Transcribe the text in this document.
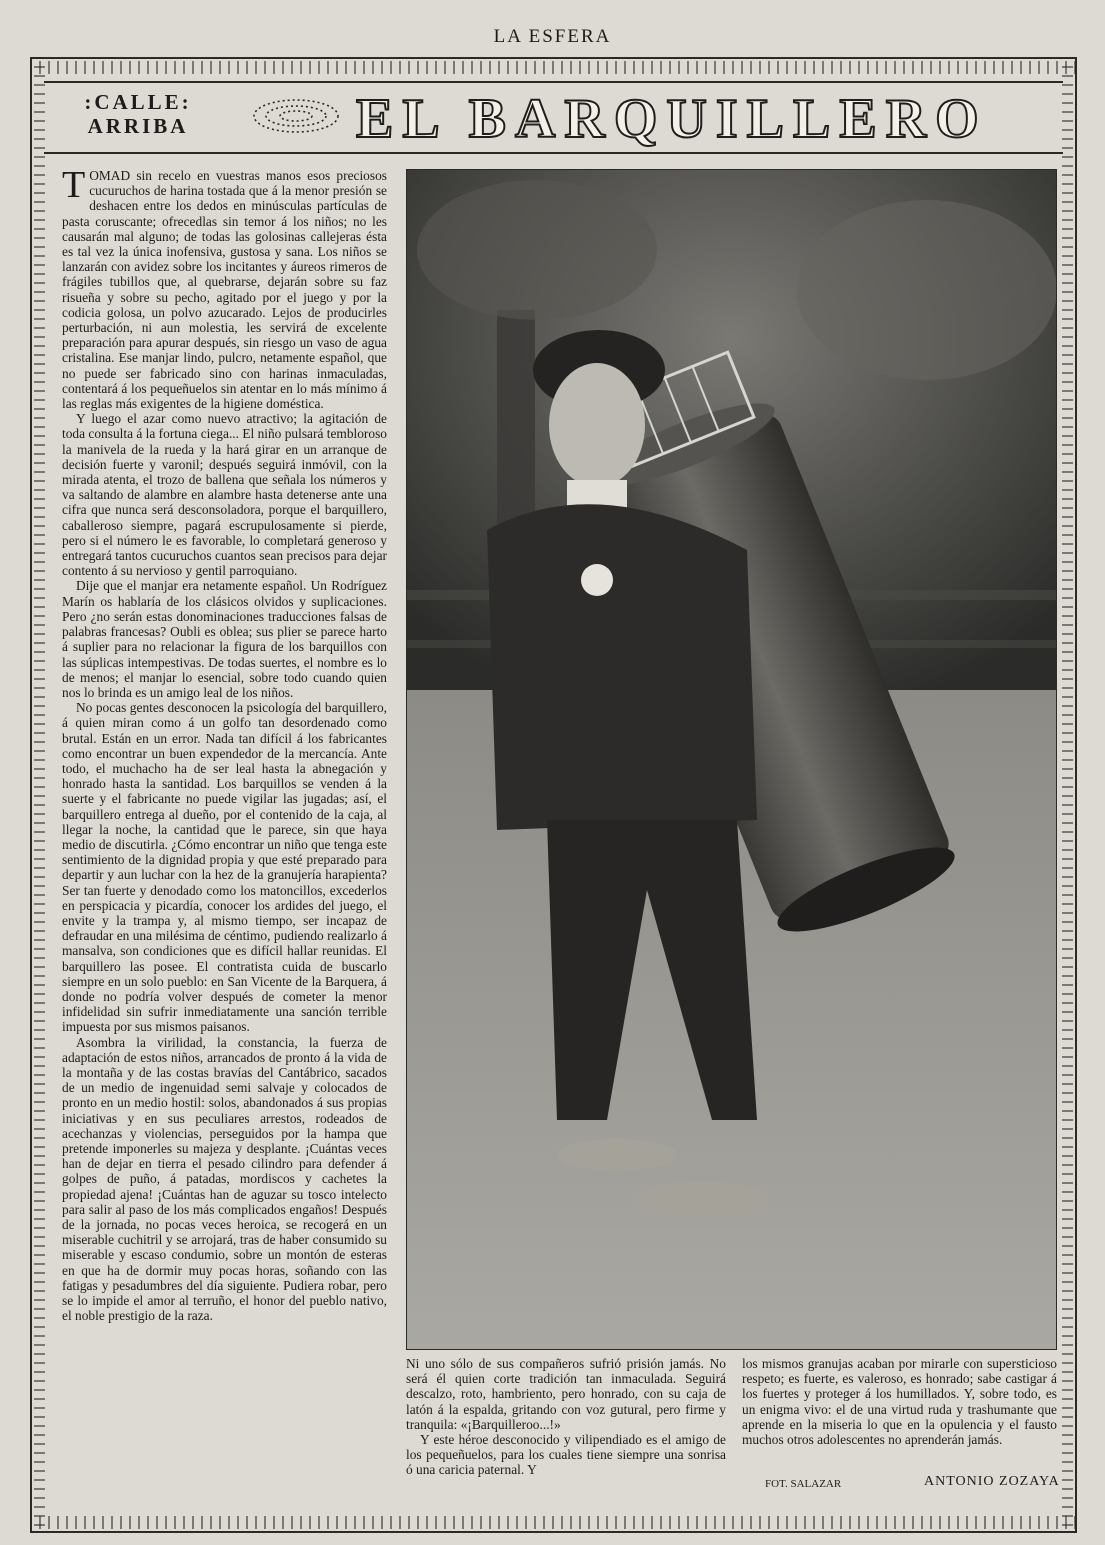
LA ESFERA
:CALLE:
ARRIBA	EL BARQUILLERO

TOMAD sin recelo en vuestras manos esos preciosos cucuruchos de harina tostada que á la menor presión se deshacen entre los dedos en minúsculas partículas de pasta coruscante; ofrecedlas sin temor á los niños; no les causarán mal alguno; de todas las golosinas callejeras ésta es tal vez la única inofensiva, gustosa y sana. Los niños se lanzarán con avidez sobre los incitantes y áureos rimeros de frágiles tubillos que, al quebrarse, dejarán sobre su faz risueña y sobre su pecho, agitado por el juego y por la codicia golosa, un polvo azucarado. Lejos de producirles perturbación, ni aun molestia, les servirá de excelente preparación para apurar después, sin riesgo un vaso de agua cristalina. Ese manjar lindo, pulcro, netamente español, que no puede ser fabricado sino con harinas inmaculadas, contentará á los pequeñuelos sin atentar en lo más mínimo á las reglas más exigentes de la higiene doméstica.

Y luego el azar como nuevo atractivo; la agitación de toda consulta á la fortuna ciega... El niño pulsará tembloroso la manivela de la rueda y la hará girar en un arranque de decisión fuerte y varonil; después seguirá inmóvil, con la mirada atenta, el trozo de ballena que señala los números y va saltando de alambre en alambre hasta detenerse ante una cifra que nunca será desconsoladora, porque el barquillero, caballeroso siempre, pagará escrupulosamente si pierde, pero si el número le es favorable, lo completará generoso y entregará tantos cucuruchos cuantos sean precisos para dejar contento á su nervioso y gentil parroquiano.

Dije que el manjar era netamente español. Un Rodríguez Marín os hablaría de los clásicos olvidos y suplicaciones. Pero ¿no serán estas donominaciones traducciones falsas de palabras francesas? Oubli es oblea; sus plier se parece harto á suplier para no relacionar la figura de los barquillos con las súplicas intempestivas. De todas suertes, el nombre es lo de menos; el manjar lo esencial, sobre todo cuando quien nos lo brinda es un amigo leal de los niños.

No pocas gentes desconocen la psicología del barquillero, á quien miran como á un golfo tan desordenado como brutal. Están en un error. Nada tan difícil á los fabricantes como encontrar un buen expendedor de la mercancía. Ante todo, el muchacho ha de ser leal hasta la abnegación y honrado hasta la santidad. Los barquillos se venden á la suerte y el fabricante no puede vigilar las jugadas; así, el barquillero entrega al dueño, por el contenido de la caja, al llegar la noche, la cantidad que le parece, sin que haya medio de discutirla. ¿Cómo encontrar un niño que tenga este sentimiento de la dignidad propia y que esté preparado para departir y aun luchar con la hez de la granujería harapienta? Ser tan fuerte y denodado como los matoncillos, excederlos en perspicacia y picardía, conocer los ardides del juego, el envite y la trampa y, al mismo tiempo, ser incapaz de defraudar en una milésima de céntimo, pudiendo realizarlo á mansalva, son condiciones que es difícil hallar reunidas. El barquillero las posee. El contratista cuida de buscarlo siempre en un solo pueblo: en San Vicente de la Barquera, á donde no podría volver después de cometer la menor infidelidad sin sufrir inmediatamente una sanción terrible impuesta por sus mismos paisanos.

Asombra la virilidad, la constancia, la fuerza de adaptación de estos niños, arrancados de pronto á la vida de la montaña y de las costas bravías del Cantábrico, sacados de un medio de ingenuidad semi salvaje y colocados de pronto en un medio hostil: solos, abandonados á sus propias iniciativas y en sus peculiares arrestos, rodeados de acechanzas y violencias, perseguidos por la hampa que pretende imponerles su majeza y desplante. ¡Cuántas veces han de dejar en tierra el pesado cilindro para defender á golpes de puño, á patadas, mordiscos y cachetes la propiedad ajena! ¡Cuántas han de aguzar su tosco intelecto para salir al paso de los más complicados engaños! Después de la jornada, no pocas veces heroica, se recogerá en un miserable cuchitril y se arrojará, tras de haber consumido su miserable y escaso condumio, sobre un montón de esteras en que ha de dormir muy pocas horas, soñando con las fatigas y pesadumbres del día siguiente. Pudiera robar, pero se lo impide el amor al terruño, el honor del pueblo nativo, el noble prestigio de la raza.

Ni uno sólo de sus compañeros sufrió prisión jamás. No será él quien corte tradición tan inmaculada. Seguirá descalzo, roto, hambriento, pero honrado, con su caja de latón á la espalda, gritando con voz gutural, pero firme y tranquila: «¡Barquilleroo...!»

Y este héroe desconocido y vilipendiado es el amigo de los pequeñuelos, para los cuales tiene siempre una sonrisa ó una caricia paternal. Y

los mismos granujas acaban por mirarle con supersticioso respeto; es fuerte, es valeroso, es honrado; sabe castigar á los fuertes y proteger á los humillados. Y, sobre todo, es un enigma vivo: el de una virtud ruda y trashumante que aprende en la miseria lo que en la opulencia y el fausto muchos otros adolescentes no aprenderán jamás.

FOT. SALAZAR	ANTONIO ZOZAYA
